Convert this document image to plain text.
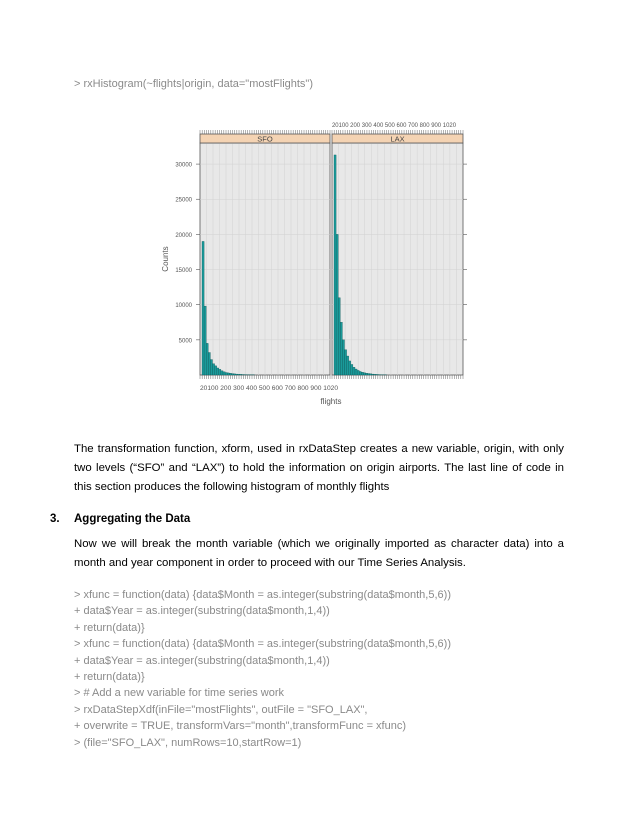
> rxHistogram(~flights|origin, data="mostFlights")
SFO	LAX
5000
10000
15000
20000
25000
30000
Counts
20100 200 300 400 500 600 700 800 900 1020
20100 200 300 400 500 600 700 800 900 1020
flights
The transformation function, xform, used in rxDataStep creates a new variable, origin, with only two levels (“SFO” and “LAX”) to hold the information on origin airports. The last line of code in this section produces the following histogram of monthly flights
3. Aggregating the Data
Now we will break the month variable (which we originally imported as character data) into a month and year component in order to proceed with our Time Series Analysis.
> xfunc = function(data) {data$Month = as.integer(substring(data$month,5,6))
+ data$Year = as.integer(substring(data$month,1,4))
+ return(data)}
> xfunc = function(data) {data$Month = as.integer(substring(data$month,5,6))
+ data$Year = as.integer(substring(data$month,1,4))
+ return(data)}
> # Add a new variable for time series work
> rxDataStepXdf(inFile="mostFlights", outFile = "SFO_LAX",
+ overwrite = TRUE, transformVars="month",transformFunc = xfunc)
> (file="SFO_LAX", numRows=10,startRow=1)
